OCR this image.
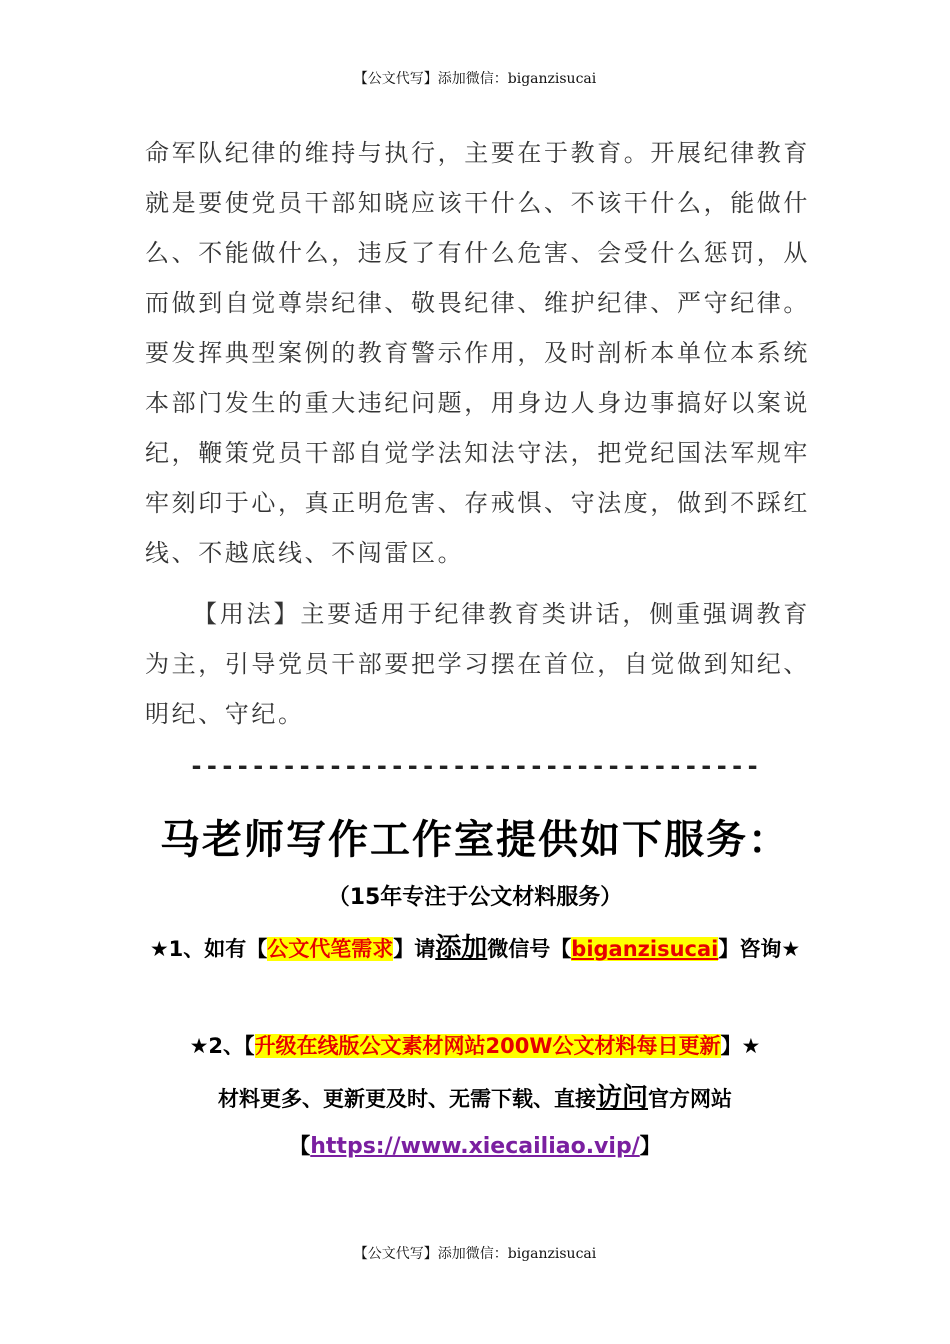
【公文代写】添加微信：biganzisucai

命军队纪律的维持与执行，主要在于教育。开展纪律教育就是要使党员干部知晓应该干什么、不该干什么，能做什么、不能做什么，违反了有什么危害、会受什么惩罚，从而做到自觉尊崇纪律、敬畏纪律、维护纪律、严守纪律。要发挥典型案例的教育警示作用，及时剖析本单位本系统本部门发生的重大违纪问题，用身边人身边事搞好以案说纪，鞭策党员干部自觉学法知法守法，把党纪国法军规牢牢刻印于心，真正明危害、存戒惧、守法度，做到不踩红线、不越底线、不闯雷区。

【用法】主要适用于纪律教育类讲话，侧重强调教育为主，引导党员干部要把学习摆在首位，自觉做到知纪、明纪、守纪。

-------------------------------------
马老师写作工作室提供如下服务：
（15年专注于公文材料服务）
★1、如有【公文代笔需求】请添加微信号【biganzisucai】咨询★
★2、【升级在线版公文素材网站200W公文材料每日更新】★
材料更多、更新更及时、无需下载、直接访问官方网站
【https://www.xiecailiao.vip/】
【公文代写】添加微信：biganzisucai
